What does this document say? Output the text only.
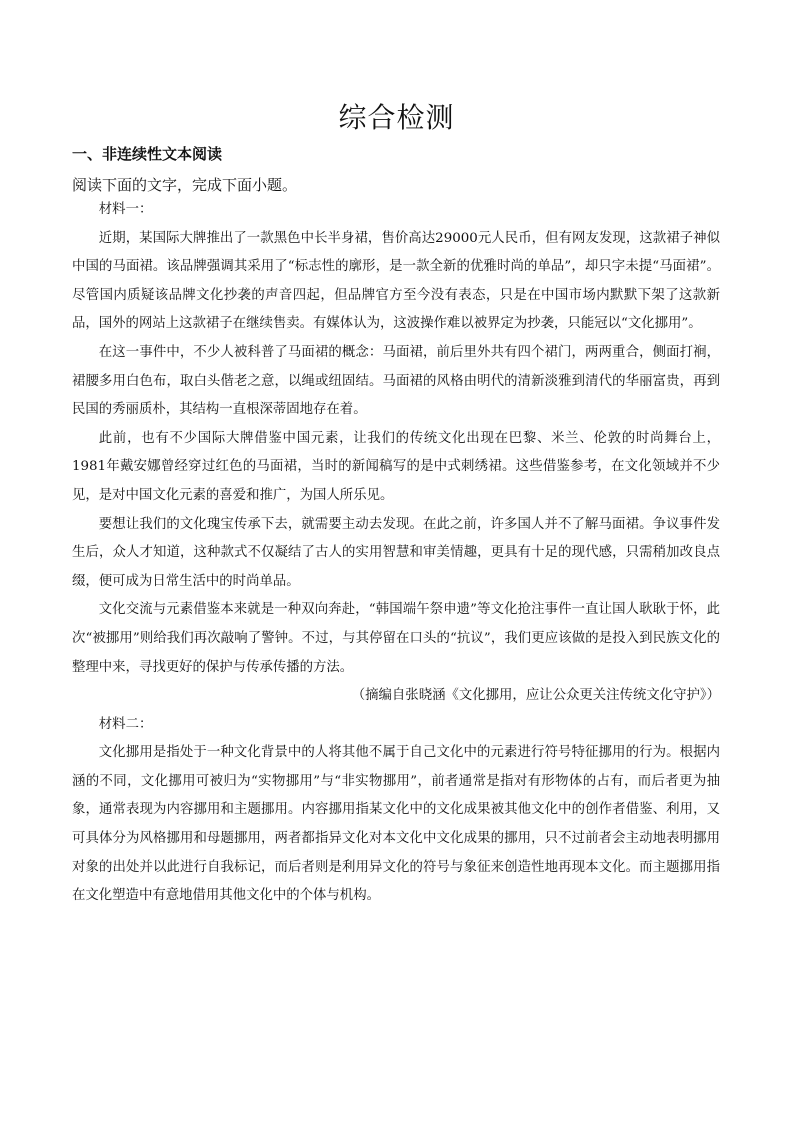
综合检测
一、非连续性文本阅读
阅读下面的文字，完成下面小题。

材料一：

近期，某国际大牌推出了一款黑色中长半身裙，售价高达29000元人民币，但有网友发现，这款裙子神似中国的马面裙。该品牌强调其采用了“标志性的廓形，是一款全新的优雅时尚的单品”，却只字未提“马面裙”。尽管国内质疑该品牌文化抄袭的声音四起，但品牌官方至今没有表态，只是在中国市场内默默下架了这款新品，国外的网站上这款裙子在继续售卖。有媒体认为，这波操作难以被界定为抄袭，只能冠以“文化挪用”。

在这一事件中，不少人被科普了马面裙的概念：马面裙，前后里外共有四个裙门，两两重合，侧面打裥，裙腰多用白色布，取白头偕老之意，以绳或纽固结。马面裙的风格由明代的清新淡雅到清代的华丽富贵，再到民国的秀丽质朴，其结构一直根深蒂固地存在着。

此前，也有不少国际大牌借鉴中国元素，让我们的传统文化出现在巴黎、米兰、伦敦的时尚舞台上，1981年戴安娜曾经穿过红色的马面裙，当时的新闻稿写的是中式刺绣裙。这些借鉴参考，在文化领域并不少见，是对中国文化元素的喜爱和推广，为国人所乐见。

要想让我们的文化瑰宝传承下去，就需要主动去发现。在此之前，许多国人并不了解马面裙。争议事件发生后，众人才知道，这种款式不仅凝结了古人的实用智慧和审美情趣，更具有十足的现代感，只需稍加改良点缀，便可成为日常生活中的时尚单品。

文化交流与元素借鉴本来就是一种双向奔赴，“韩国端午祭申遗”等文化抢注事件一直让国人耿耿于怀，此次“被挪用”则给我们再次敲响了警钟。不过，与其停留在口头的“抗议”，我们更应该做的是投入到民族文化的整理中来，寻找更好的保护与传承传播的方法。

（摘编自张晓涵《文化挪用，应让公众更关注传统文化守护》）

材料二：

文化挪用是指处于一种文化背景中的人将其他不属于自己文化中的元素进行符号特征挪用的行为。根据内涵的不同，文化挪用可被归为“实物挪用”与“非实物挪用”，前者通常是指对有形物体的占有，而后者更为抽象，通常表现为内容挪用和主题挪用。内容挪用指某文化中的文化成果被其他文化中的创作者借鉴、利用，又可具体分为风格挪用和母题挪用，两者都指异文化对本文化中文化成果的挪用，只不过前者会主动地表明挪用对象的出处并以此进行自我标记，而后者则是利用异文化的符号与象征来创造性地再现本文化。而主题挪用指在文化塑造中有意地借用其他文化中的个体与机构。
